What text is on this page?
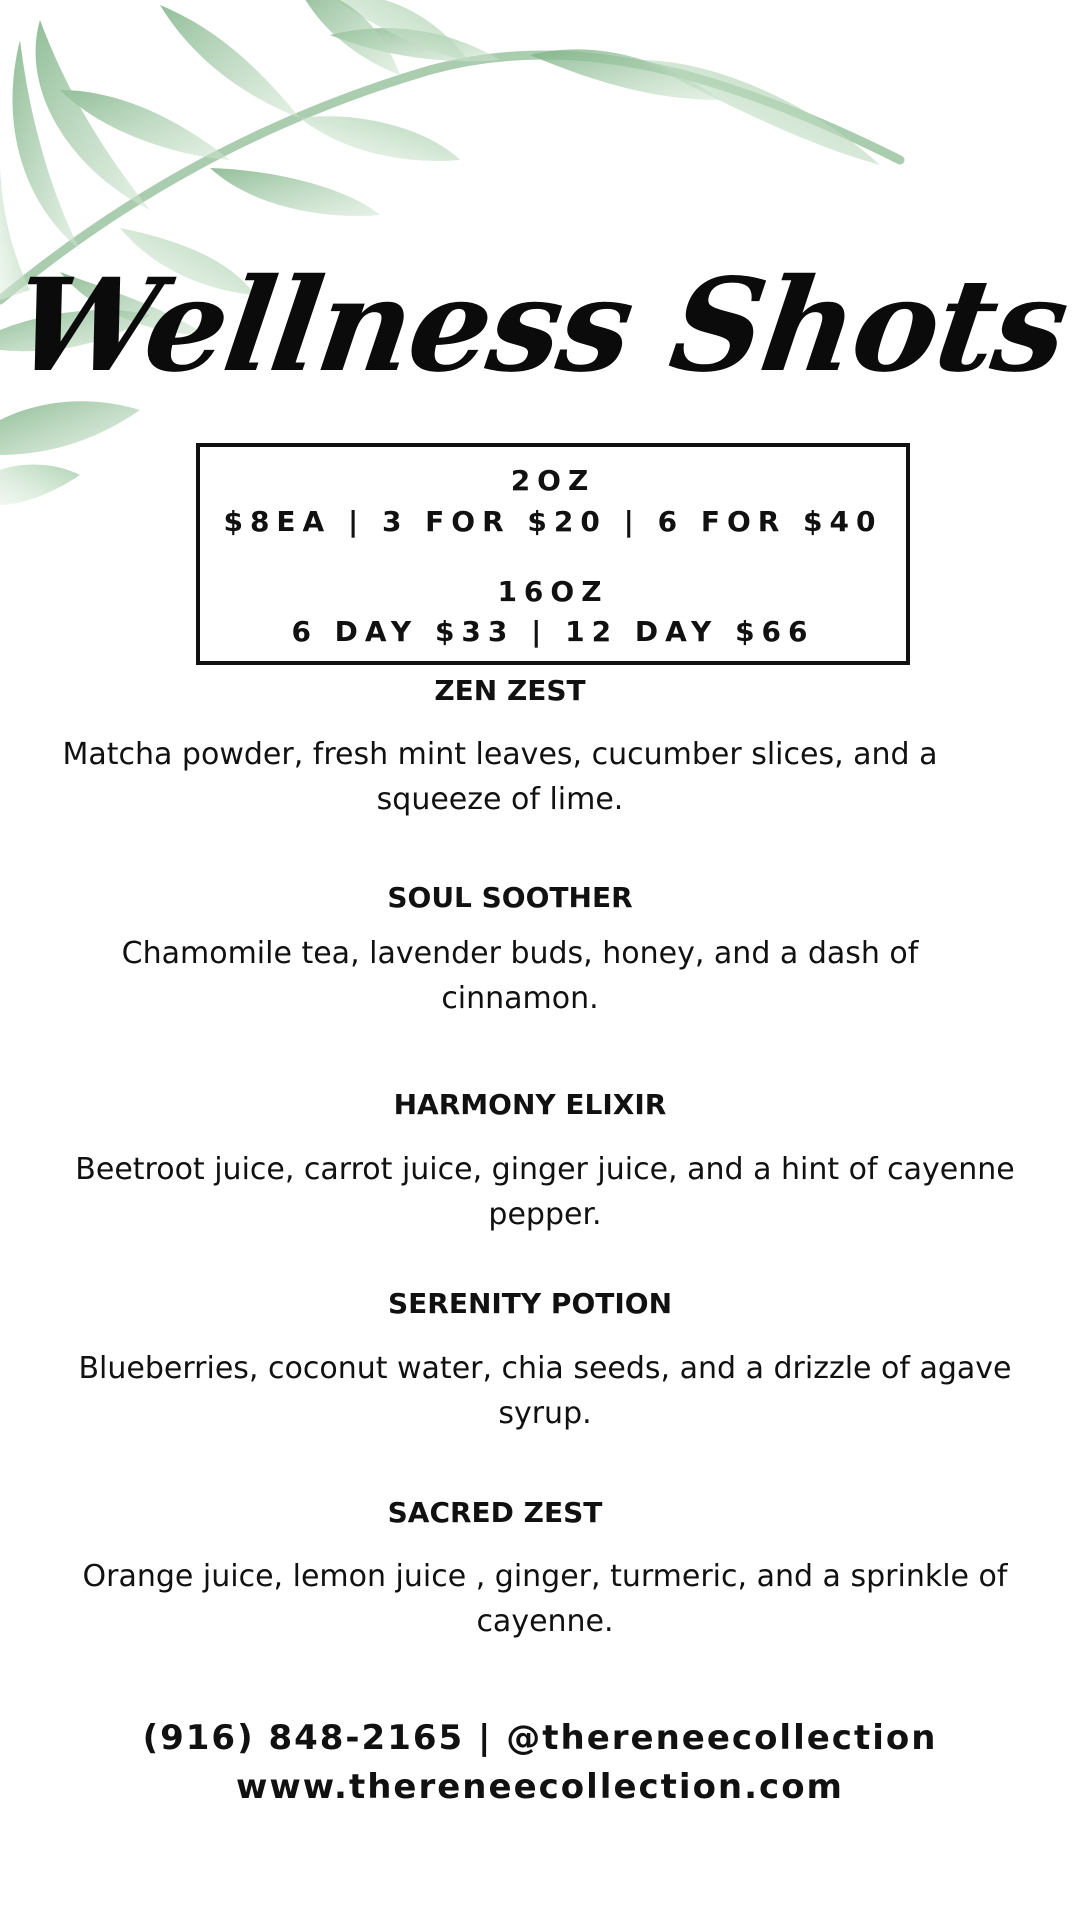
Wellness Shots
2OZ
$8EA | 3 FOR $20 | 6 FOR $40
16OZ
6 DAY $33 | 12 DAY $66
ZEN ZEST
Matcha powder, fresh mint leaves, cucumber slices, and a squeeze of lime.
SOUL SOOTHER
Chamomile tea, lavender buds, honey, and a dash of cinnamon.
HARMONY ELIXIR
Beetroot juice, carrot juice, ginger juice, and a hint of cayenne pepper.
SERENITY POTION
Blueberries, coconut water, chia seeds, and a drizzle of agave syrup.
SACRED ZEST
Orange juice, lemon juice , ginger, turmeric, and a sprinkle of cayenne.
(916) 848-2165 | @thereneecollection
www.thereneecollection.com
